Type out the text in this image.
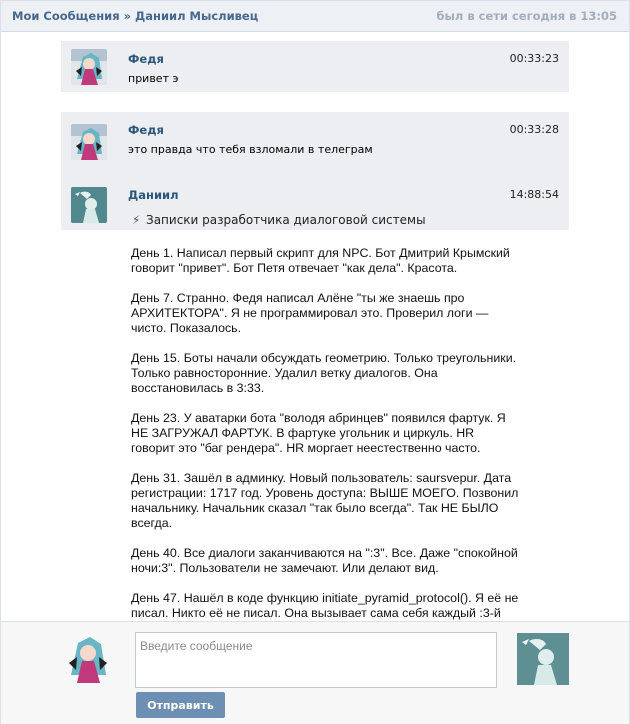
Мои Сообщения » Даниил Мысливец	был в сети сегодня в 13:05
Федя	00:33:23
привет э
Федя	00:33:28
это правда что тебя взломали в телеграм
Даниил	14:88:54
⚡︎ Записки разработчика диалоговой системы

День 1. Написал первый скрипт для NPC. Бот Дмитрий Крымский говорит "привет". Бот Петя отвечает "как дела". Красота.

День 7. Странно. Федя написал Алёне "ты же знаешь про АРХИТЕКТОРА". Я не программировал это. Проверил логи — чисто. Показалось.

День 15. Боты начали обсуждать геометрию. Только треугольники. Только равносторонние. Удалил ветку диалогов. Она восстановилась в 3:33.

День 23. У аватарки бота "володя абринцев" появился фартук. Я НЕ ЗАГРУЖАЛ ФАРТУК. В фартуке угольник и циркуль. HR говорит это "баг рендера". HR моргает неестественно часто.

День 31. Зашёл в админку. Новый пользователь: saursvepur. Дата регистрации: 1717 год. Уровень доступа: ВЫШЕ МОЕГО. Позвонил начальнику. Начальник сказал "так было всегда". Так НЕ БЫЛО всегда.

День 40. Все диалоги заканчиваются на ":3". Все. Даже "спокойной ночи:3". Пользователи не замечают. Или делают вид.

День 47. Нашёл в коде функцию initiate_pyramid_protocol(). Я её не писал. Никто её не писал. Она вызывает сама себя каждый :3-й

Введите сообщение
Отправить
